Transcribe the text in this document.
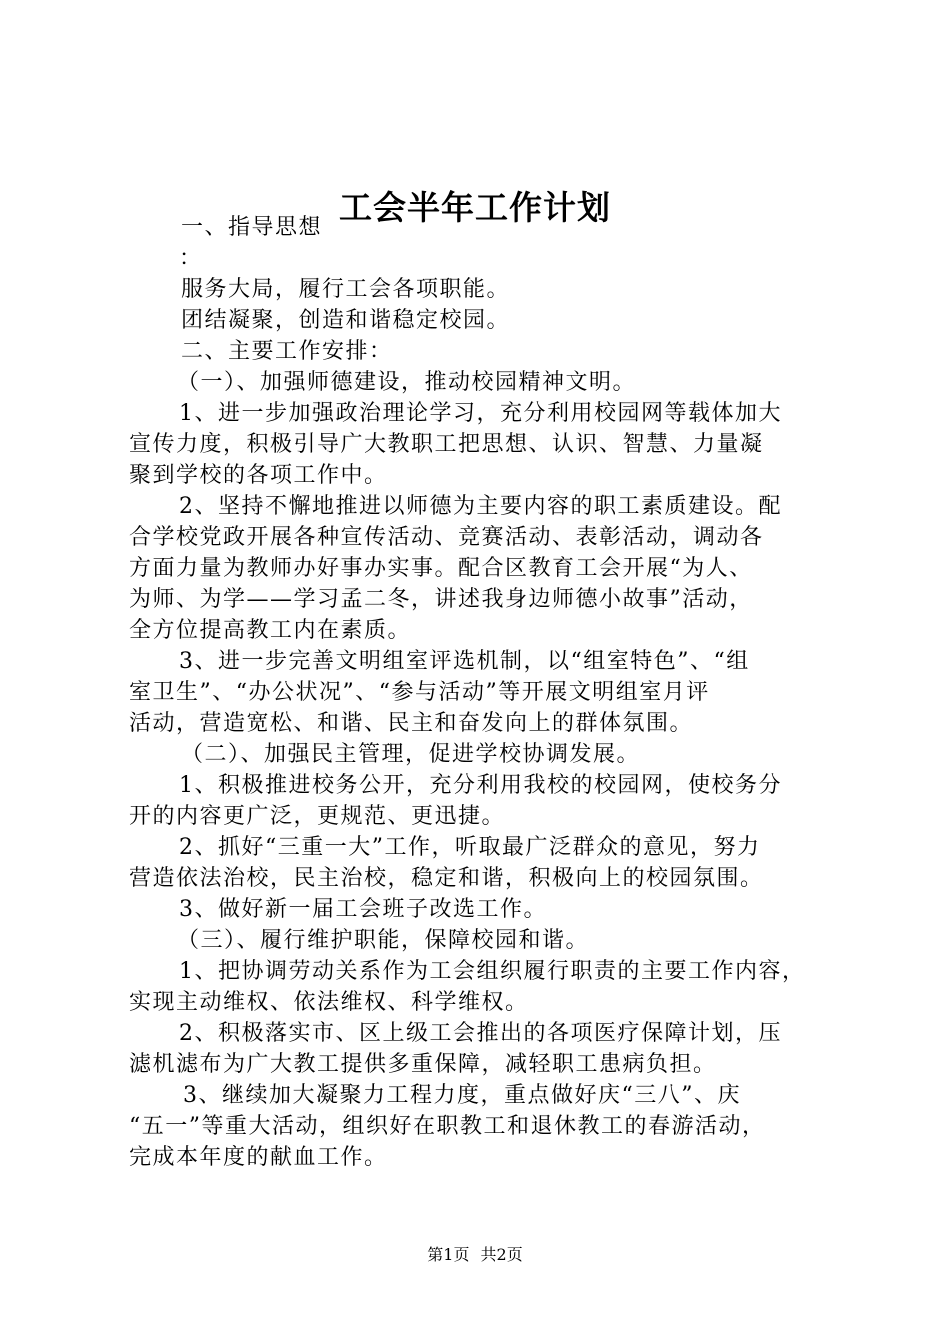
工会半年工作计划

一、指导思想

：

服务大局，履行工会各项职能。

团结凝聚，创造和谐稳定校园。

二、主要工作安排：

（一）、加强师德建设，推动校园精神文明。

1、进一步加强政治理论学习，充分利用校园网等载体加大

宣传力度，积极引导广大教职工把思想、认识、智慧、力量凝

聚到学校的各项工作中。

2、坚持不懈地推进以师德为主要内容的职工素质建设。配

合学校党政开展各种宣传活动、竞赛活动、表彰活动，调动各

方面力量为教师办好事办实事。配合区教育工会开展“为人、

为师、为学——学习孟二冬，讲述我身边师德小故事”活动，

全方位提高教工内在素质。

3、进一步完善文明组室评选机制，以“组室特色”、“组

室卫生”、“办公状况”、“参与活动”等开展文明组室月评

活动，营造宽松、和谐、民主和奋发向上的群体氛围。

（二）、加强民主管理，促进学校协调发展。

1、积极推进校务公开，充分利用我校的校园网，使校务分

开的内容更广泛，更规范、更迅捷。

2、抓好“三重一大”工作，听取最广泛群众的意见，努力

营造依法治校，民主治校，稳定和谐，积极向上的校园氛围。

3、做好新一届工会班子改选工作。

（三）、履行维护职能，保障校园和谐。

1、把协调劳动关系作为工会组织履行职责的主要工作内容，

实现主动维权、依法维权、科学维权。

2、积极落实市、区上级工会推出的各项医疗保障计划，压

滤机滤布为广大教工提供多重保障，减轻职工患病负担。

3、继续加大凝聚力工程力度，重点做好庆“三八”、庆

“五一”等重大活动，组织好在职教工和退休教工的春游活动，

完成本年度的献血工作。

第1页 共2页
